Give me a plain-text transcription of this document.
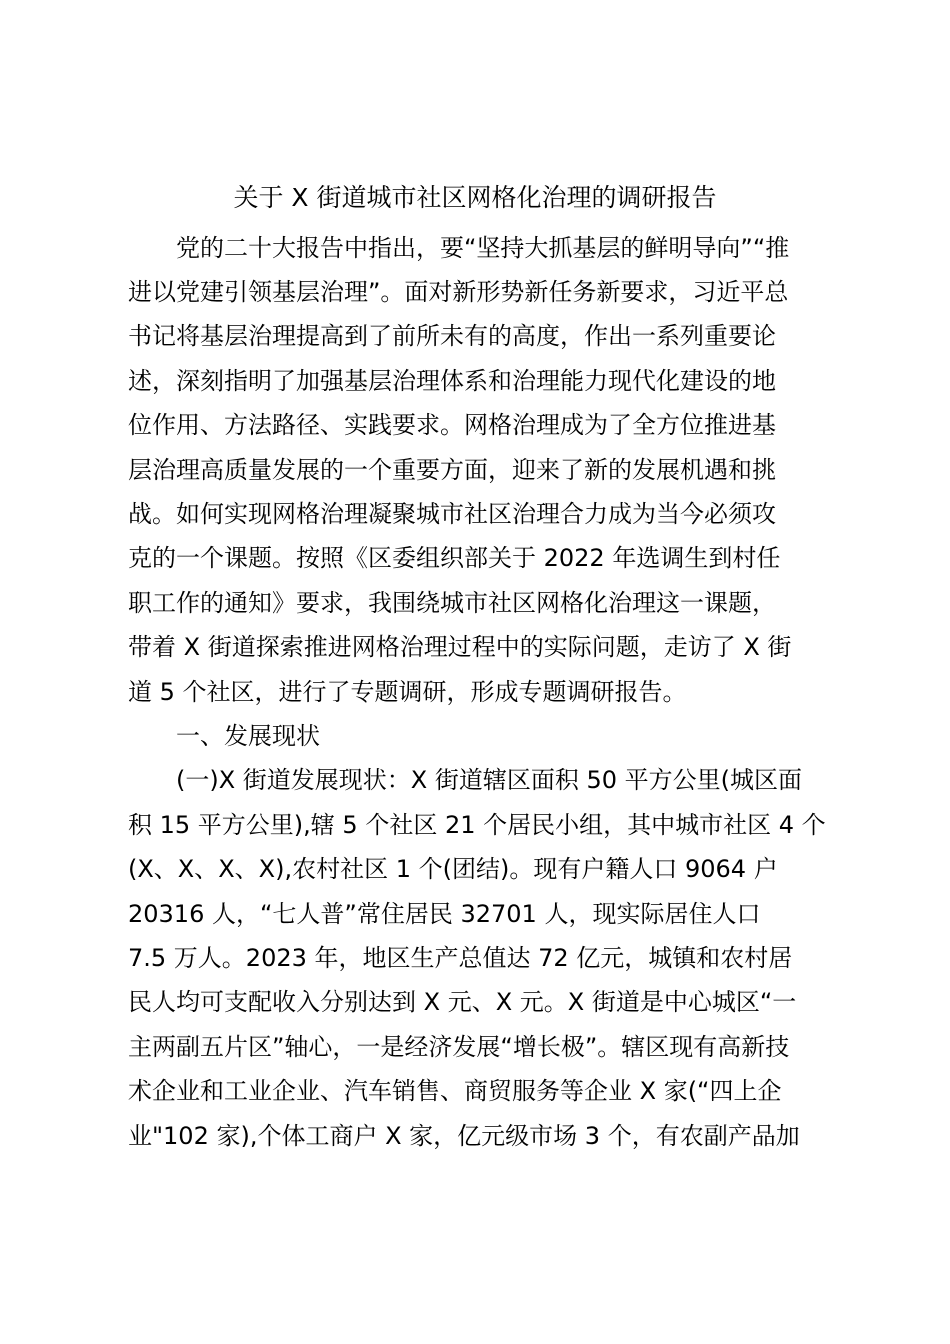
关于 X 街道城市社区网格化治理的调研报告
党的二十大报告中指出，要“坚持大抓基层的鲜明导向”“推
进以党建引领基层治理”。面对新形势新任务新要求，习近平总
书记将基层治理提高到了前所未有的高度，作出一系列重要论
述，深刻指明了加强基层治理体系和治理能力现代化建设的地
位作用、方法路径、实践要求。网格治理成为了全方位推进基
层治理高质量发展的一个重要方面，迎来了新的发展机遇和挑
战。如何实现网格治理凝聚城市社区治理合力成为当今必须攻
克的一个课题。按照《区委组织部关于 2022 年选调生到村任
职工作的通知》要求，我围绕城市社区网格化治理这一课题，
带着 X 街道探索推进网格治理过程中的实际问题，走访了 X 街
道 5 个社区，进行了专题调研，形成专题调研报告。
一、发展现状
(一)X 街道发展现状：X 街道辖区面积 50 平方公里(城区面
积 15 平方公里),辖 5 个社区 21 个居民小组，其中城市社区 4 个
(X、X、X、X),农村社区 1 个(团结)。现有户籍人口 9064 户
20316 人，“七人普”常住居民 32701 人，现实际居住人口
7.5 万人。2023 年，地区生产总值达 72 亿元，城镇和农村居
民人均可支配收入分别达到 X 元、X 元。X 街道是中心城区“一
主两副五片区”轴心，一是经济发展“增长极”。辖区现有高新技
术企业和工业企业、汽车销售、商贸服务等企业 X 家(“四上企
业"102 家),个体工商户 X 家，亿元级市场 3 个，有农副产品加
